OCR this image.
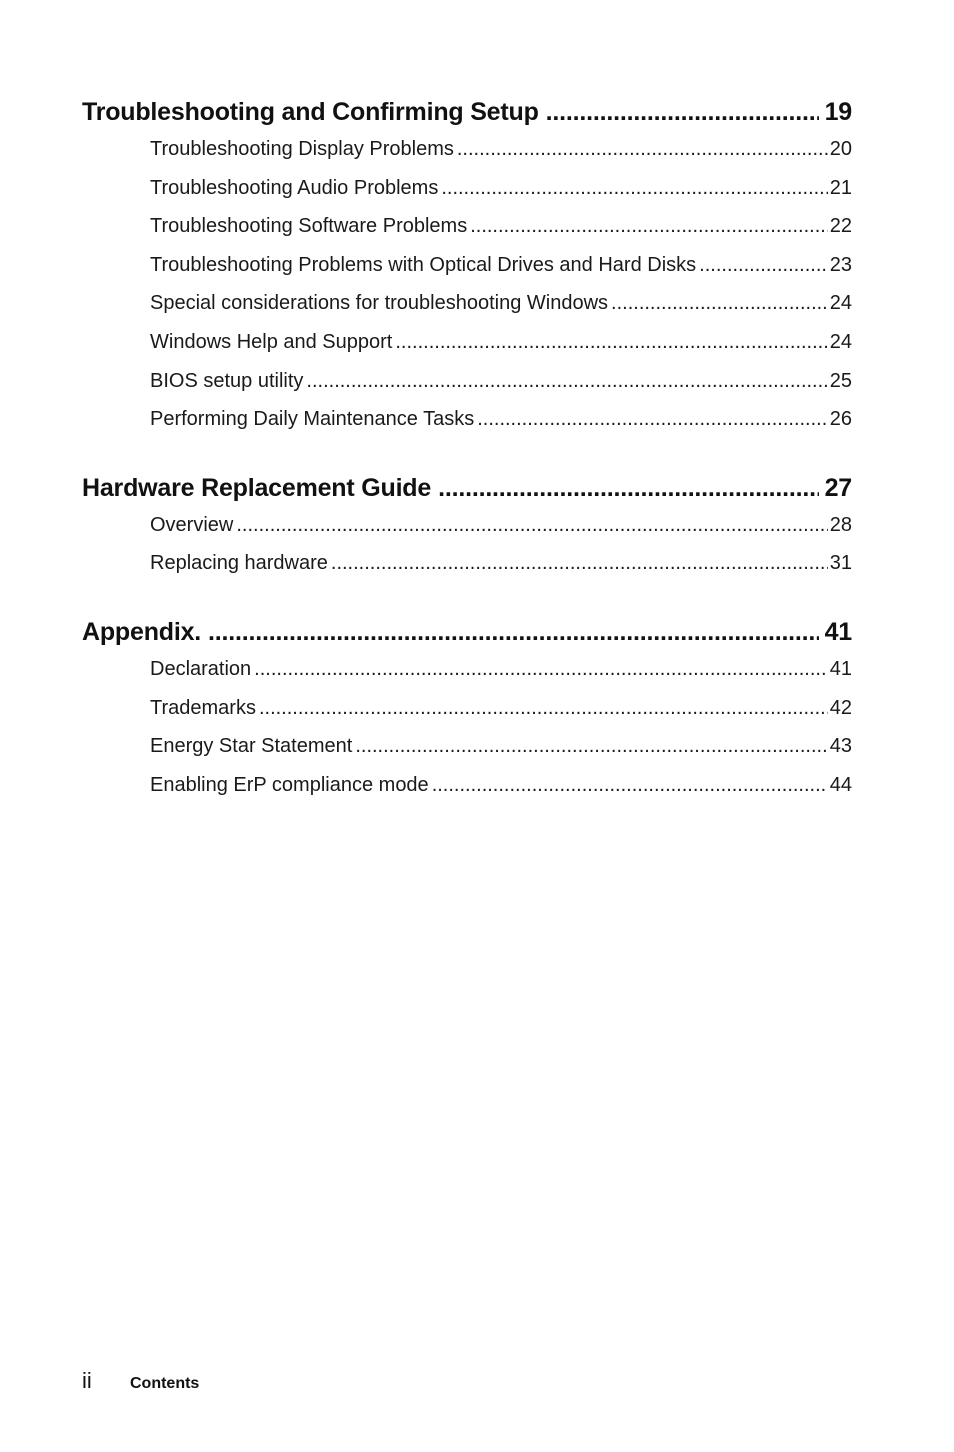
Troubleshooting and Confirming Setup .....	19
Troubleshooting Display Problems .....	20
Troubleshooting Audio Problems .....	21
Troubleshooting Software Problems .....	22
Troubleshooting Problems with Optical Drives and Hard Disks .....	23
Special considerations for troubleshooting Windows .....	24
Windows Help and Support .....	24
BIOS setup utility .....	25
Performing Daily Maintenance Tasks .....	26
Hardware Replacement Guide .....	27
Overview .....	28
Replacing hardware .....	31
Appendix. .....	41
Declaration .....	41
Trademarks .....	42
Energy Star Statement .....	43
Enabling ErP compliance mode .....	44
ii	Contents
